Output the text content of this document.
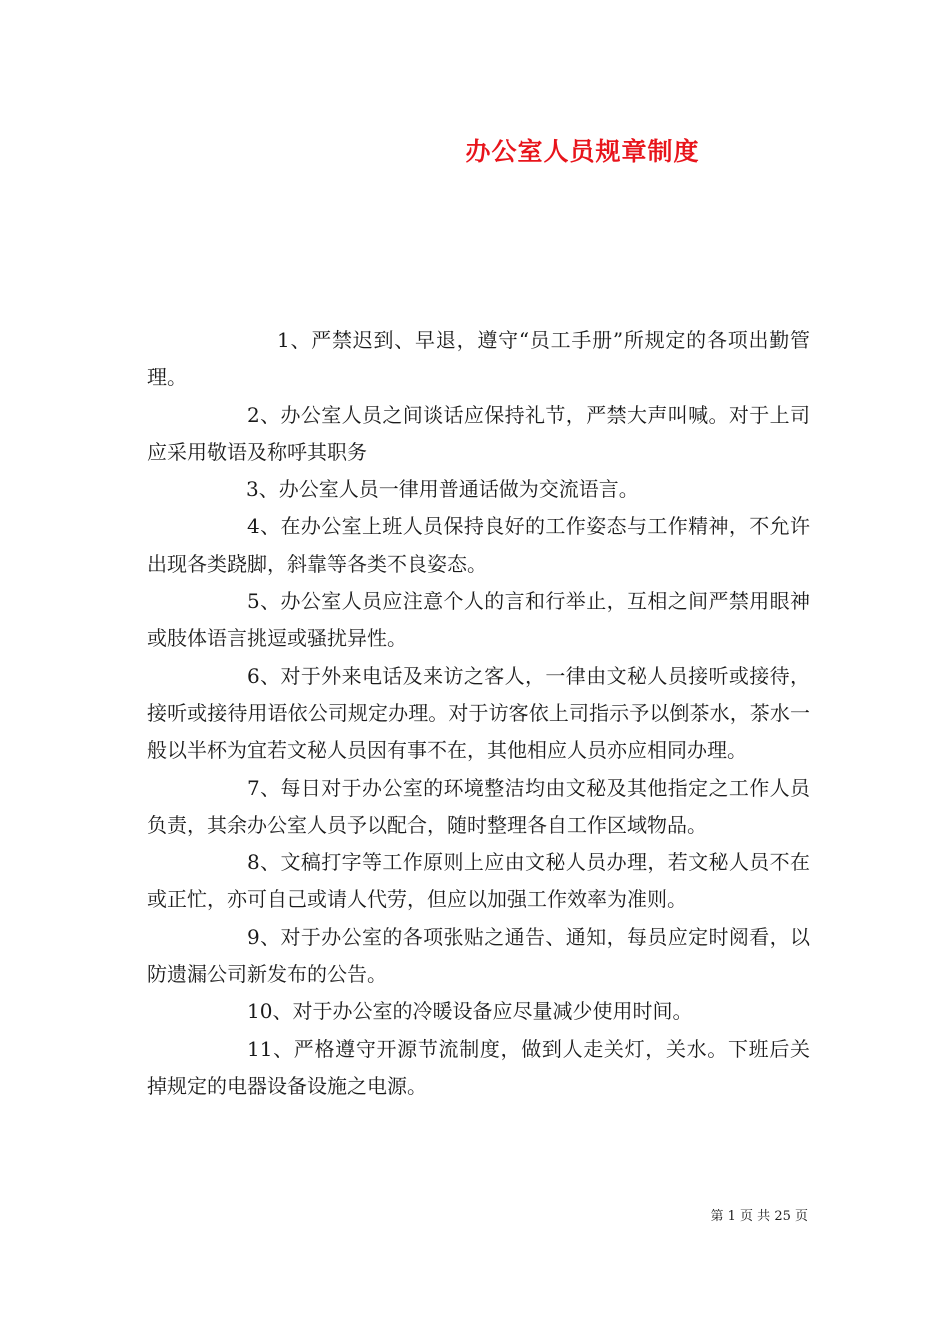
办公室人员规章制度

1、严禁迟到、早退，遵守“员工手册”所规定的各项出勤管理。

2、办公室人员之间谈话应保持礼节，严禁大声叫喊。对于上司应采用敬语及称呼其职务

3、办公室人员一律用普通话做为交流语言。

4、在办公室上班人员保持良好的工作姿态与工作精神，不允许出现各类跷脚，斜靠等各类不良姿态。

5、办公室人员应注意个人的言和行举止，互相之间严禁用眼神或肢体语言挑逗或骚扰异性。

6、对于外来电话及来访之客人，一律由文秘人员接听或接待，接听或接待用语依公司规定办理。对于访客依上司指示予以倒茶水，茶水一般以半杯为宜若文秘人员因有事不在，其他相应人员亦应相同办理。

7、每日对于办公室的环境整洁均由文秘及其他指定之工作人员负责，其余办公室人员予以配合，随时整理各自工作区域物品。

8、文稿打字等工作原则上应由文秘人员办理，若文秘人员不在或正忙，亦可自己或请人代劳，但应以加强工作效率为准则。

9、对于办公室的各项张贴之通告、通知，每员应定时阅看，以防遗漏公司新发布的公告。

10、对于办公室的冷暖设备应尽量减少使用时间。

11、严格遵守开源节流制度，做到人走关灯，关水。下班后关掉规定的电器设备设施之电源。

第 1 页 共 25 页
